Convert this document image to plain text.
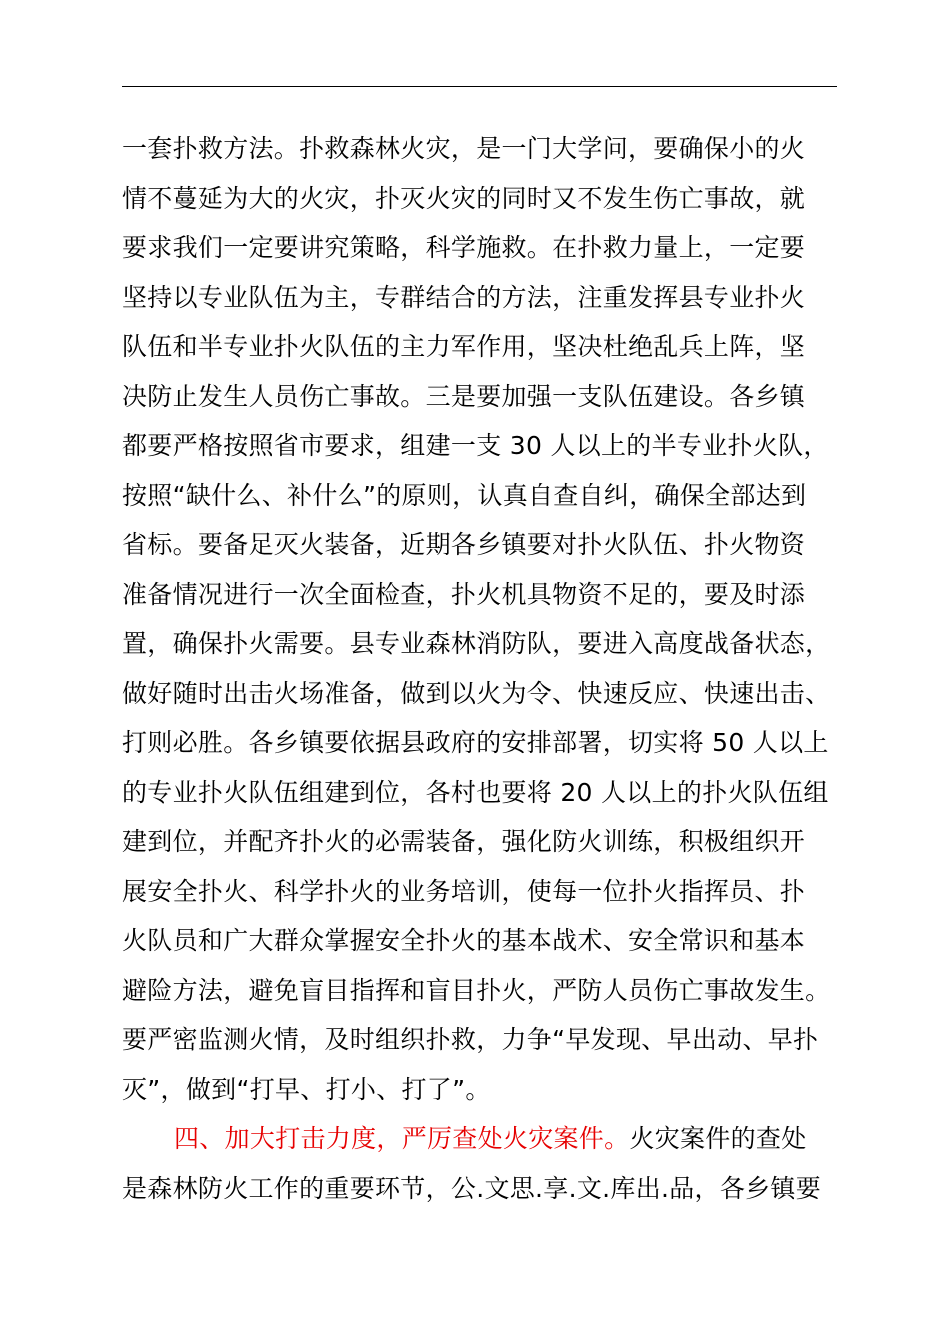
一套扑救方法。扑救森林火灾，是一门大学问，要确保小的火
情不蔓延为大的火灾，扑灭火灾的同时又不发生伤亡事故，就
要求我们一定要讲究策略，科学施救。在扑救力量上，一定要
坚持以专业队伍为主，专群结合的方法，注重发挥县专业扑火
队伍和半专业扑火队伍的主力军作用，坚决杜绝乱兵上阵，坚
决防止发生人员伤亡事故。三是要加强一支队伍建设。各乡镇
都要严格按照省市要求，组建一支 30 人以上的半专业扑火队，
按照“缺什么、补什么”的原则，认真自查自纠，确保全部达到
省标。要备足灭火装备，近期各乡镇要对扑火队伍、扑火物资
准备情况进行一次全面检查，扑火机具物资不足的，要及时添
置，确保扑火需要。县专业森林消防队，要进入高度战备状态，
做好随时出击火场准备，做到以火为令、快速反应、快速出击、
打则必胜。各乡镇要依据县政府的安排部署，切实将 50 人以上
的专业扑火队伍组建到位，各村也要将 20 人以上的扑火队伍组
建到位，并配齐扑火的必需装备，强化防火训练，积极组织开
展安全扑火、科学扑火的业务培训，使每一位扑火指挥员、扑
火队员和广大群众掌握安全扑火的基本战术、安全常识和基本
避险方法，避免盲目指挥和盲目扑火，严防人员伤亡事故发生。
要严密监测火情，及时组织扑救，力争“早发现、早出动、早扑
灭”，做到“打早、打小、打了”。
四、加大打击力度，严厉查处火灾案件。火灾案件的查处
是森林防火工作的重要环节，公.文思.享.文.库出.品，各乡镇要
